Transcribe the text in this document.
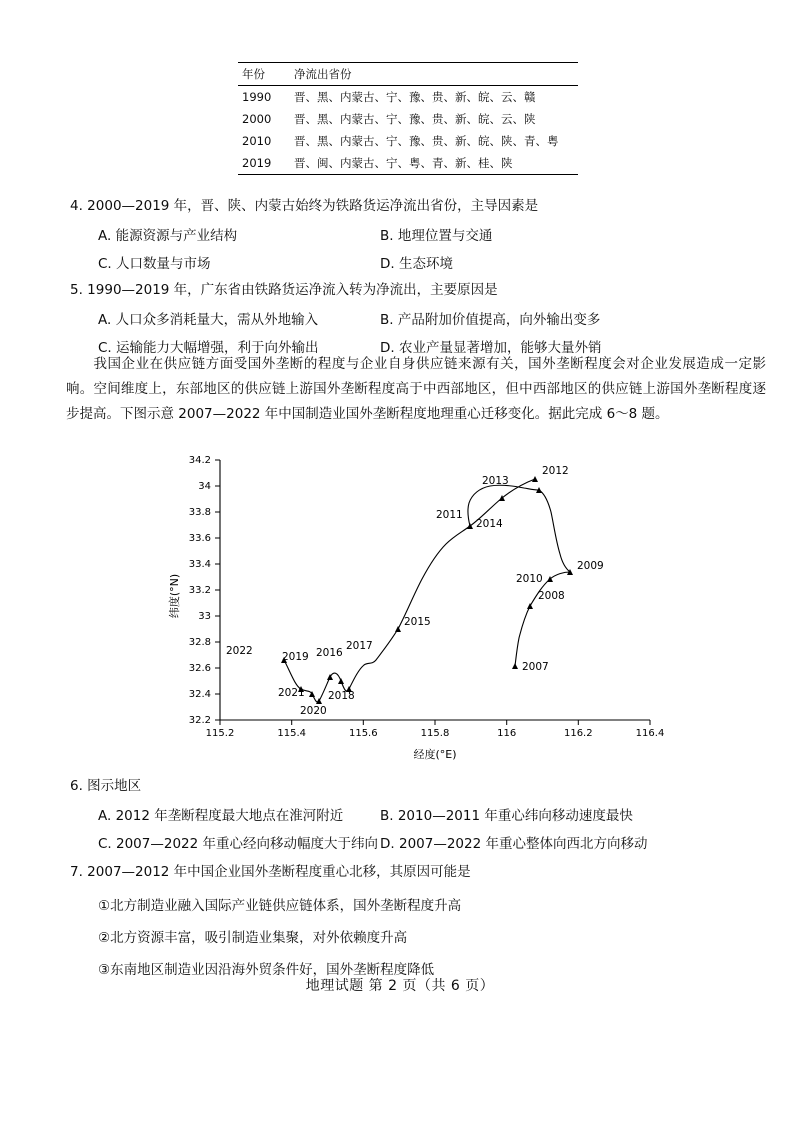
年份	净流出省份
1990	晋、黑、内蒙古、宁、豫、贵、新、皖、云、赣
2000	晋、黑、内蒙古、宁、豫、贵、新、皖、云、陕
2010	晋、黑、内蒙古、宁、豫、贵、新、皖、陕、青、粤
2019	晋、闽、内蒙古、宁、粤、青、新、桂、陕
4. 2000—2019 年，晋、陕、内蒙古始终为铁路货运净流出省份，主导因素是
A. 能源资源与产业结构	B. 地理位置与交通
C. 人口数量与市场	D. 生态环境
5. 1990—2019 年，广东省由铁路货运净流入转为净流出，主要原因是
A. 人口众多消耗量大，需从外地输入	B. 产品附加价值提高，向外输出变多
C. 运输能力大幅增强，利于向外输出	D. 农业产量显著增加，能够大量外销
我国企业在供应链方面受国外垄断的程度与企业自身供应链来源有关，国外垄断程度会对企业发展造成一定影响。空间维度上，东部地区的供应链上游国外垄断程度高于中西部地区，但中西部地区的供应链上游国外垄断程度逐步提高。下图示意 2007—2022 年中国制造业国外垄断程度地理重心迁移变化。据此完成 6～8 题。
115.2	115.4	115.6	115.8	116	116.2	116.4
32.2
32.4
32.6
32.8
33
33.2
33.4
33.6
33.8
34
34.2
经度(°E)
纬度(°N)
2007
2008
2009
2010
2011
2012
2013
2014
2015
2016
2017
2018
2019
2020
2021
2022
6. 图示地区
A. 2012 年垄断程度最大地点在淮河附近	B. 2010—2011 年重心纬向移动速度最快
C. 2007—2022 年重心经向移动幅度大于纬向 D. 2007—2022 年重心整体向西北方向移动
7. 2007—2012 年中国企业国外垄断程度重心北移，其原因可能是
①北方制造业融入国际产业链供应链体系，国外垄断程度升高
②北方资源丰富，吸引制造业集聚，对外依赖度升高
③东南地区制造业因沿海外贸条件好，国外垄断程度降低
地理试题 第 2 页（共 6 页）
